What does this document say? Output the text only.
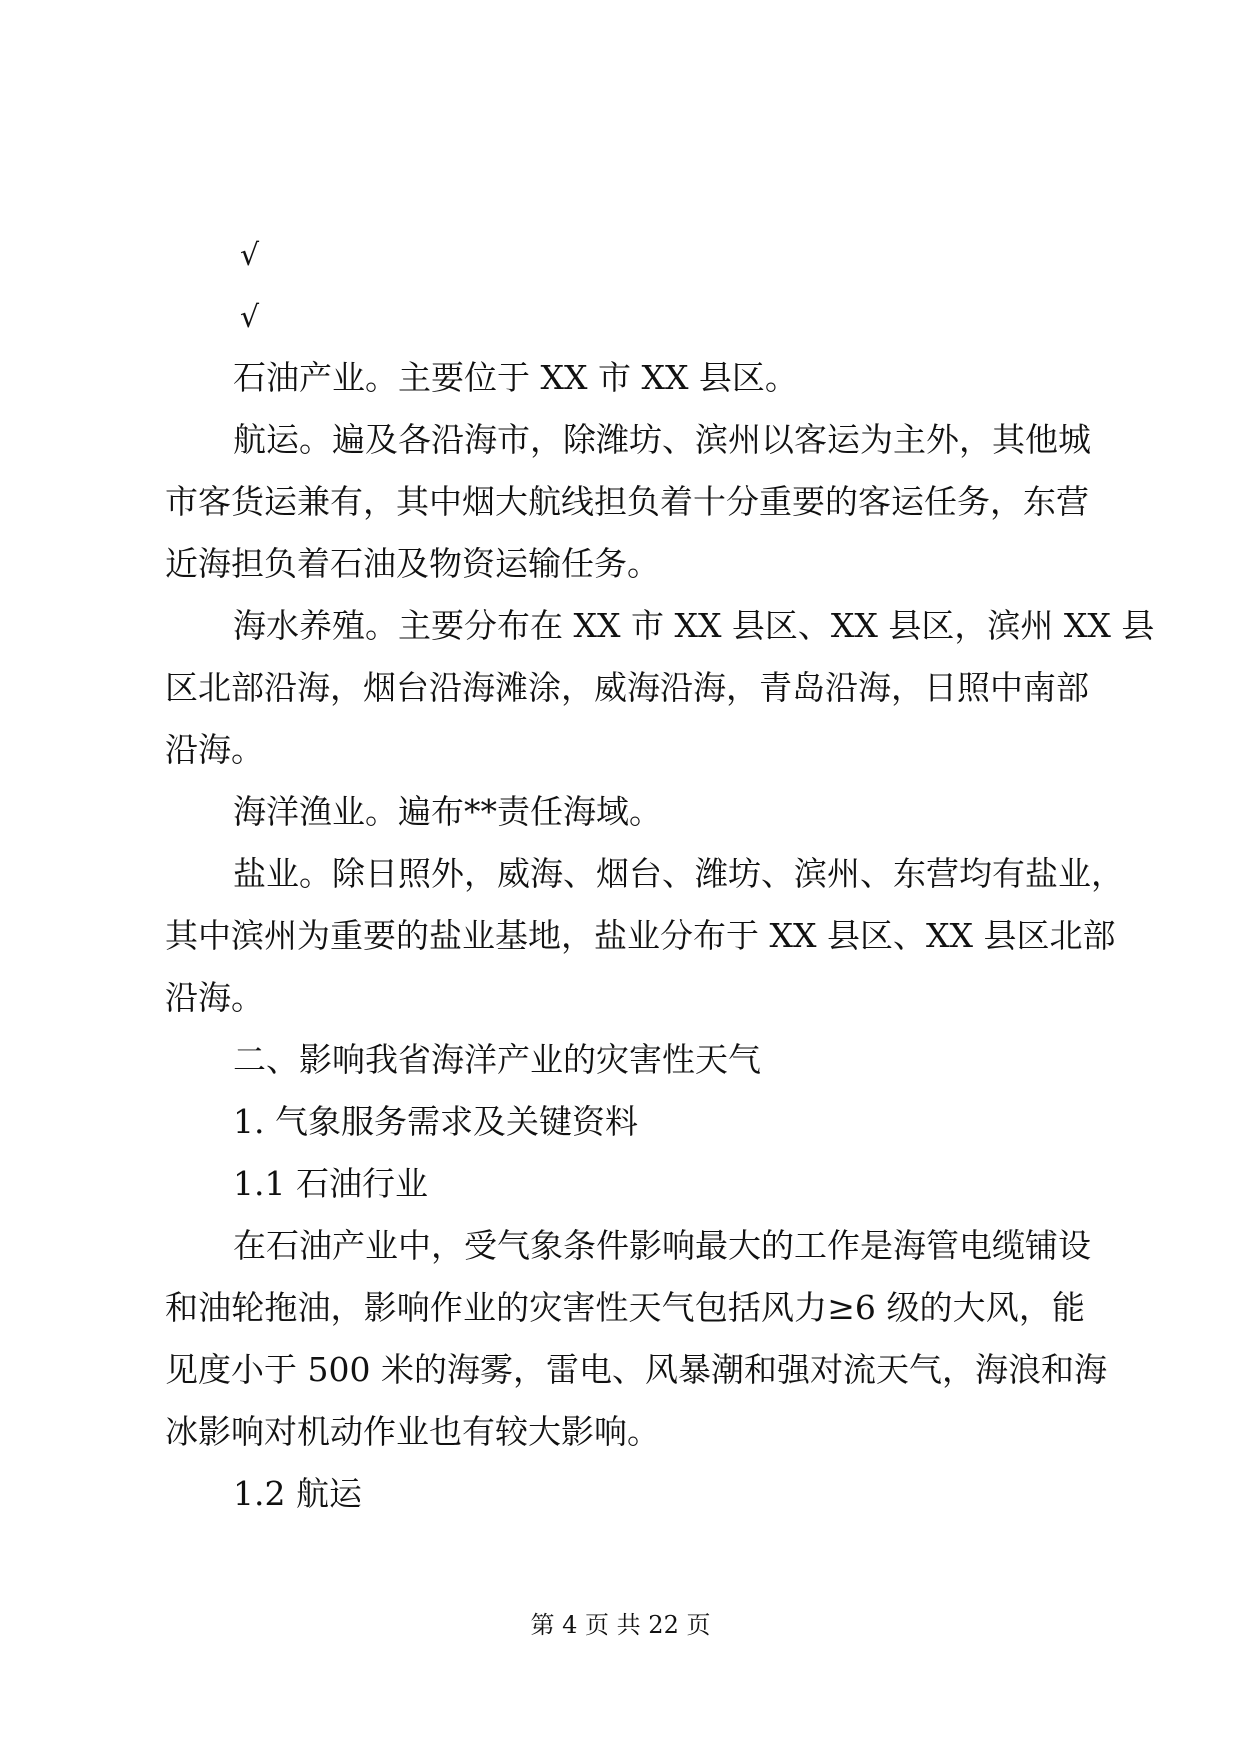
√
√
石油产业。主要位于 XX 市 XX 县区。
航运。遍及各沿海市，除潍坊、滨州以客运为主外，其他城
市客货运兼有，其中烟大航线担负着十分重要的客运任务，东营
近海担负着石油及物资运输任务。
海水养殖。主要分布在 XX 市 XX 县区、XX 县区，滨州 XX 县
区北部沿海，烟台沿海滩涂，威海沿海，青岛沿海，日照中南部
沿海。
海洋渔业。遍布**责任海域。
盐业。除日照外，威海、烟台、潍坊、滨州、东营均有盐业，
其中滨州为重要的盐业基地，盐业分布于 XX 县区、XX 县区北部
沿海。
二、影响我省海洋产业的灾害性天气
1. 气象服务需求及关键资料
1.1 石油行业
在石油产业中，受气象条件影响最大的工作是海管电缆铺设
和油轮拖油，影响作业的灾害性天气包括风力≥6 级的大风，能
见度小于 500 米的海雾，雷电、风暴潮和强对流天气，海浪和海
冰影响对机动作业也有较大影响。
1.2 航运
第 4 页 共 22 页
